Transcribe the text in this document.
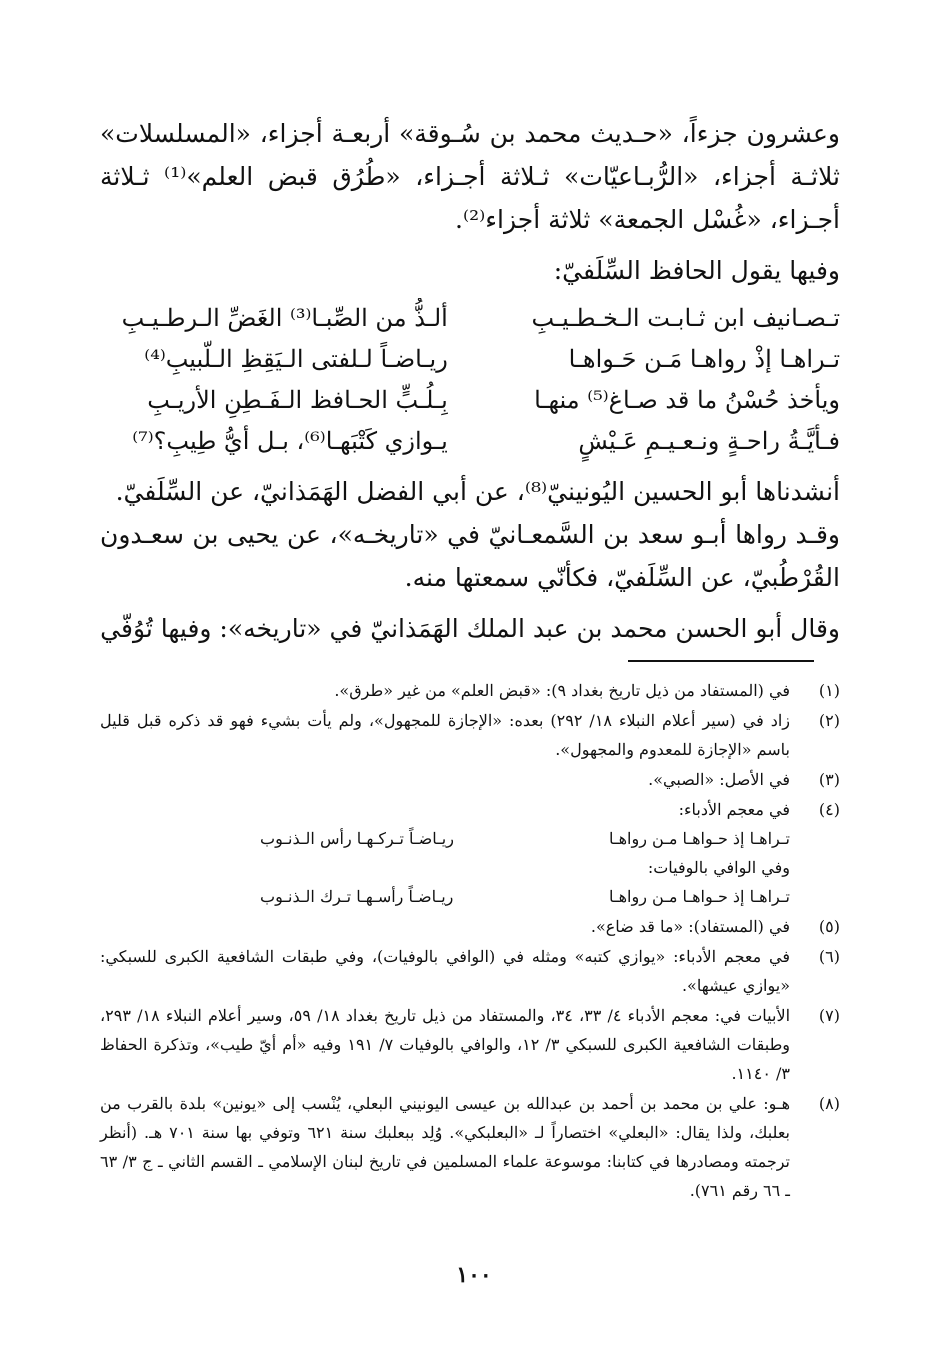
وعشرون جزءاً، «حـديث محمد بن سُـوقة» أربعـة أجزاء، «المسلسلات» ثلاثـة أجزاء، «الرُّبـاعيّات» ثـلاثة أجـزاء، «طُرُق قبض العلم»⁽¹⁾ ثـلاثة أجـزاء، «غُسْل الجمعة» ثلاثة أجزاء⁽²⁾.

وفيها يقول الحافظ السِّلَفيّ:

تـصـانيف ابن ثـابـت الـخـطـيـبِ
ألـذُّ من الصِّبـا⁽³⁾ الغَضِّ الـرطـيـبِ
تـراهـا إذْ رواهـا مَـن حَـواهـا
ريـاضـاً لـلفتى الـيَقِظِ الـلّبيبِ⁽⁴⁾
ويأخذ حُسْنُ ما قد صـاغ⁽⁵⁾ منهـا
بِـلُـبٍّ الحـافظ الـفَـطِنِ الأريـبِ
فـأيَّـةُ راحـةٍ ونـعـيـمِ عَـيْشٍ
يـوازي كَتْبَهـا⁽⁶⁾، بـل أيُّ طِيبِ؟⁽⁷⁾

أنشدناها أبو الحسين اليُونينيّ⁽⁸⁾، عن أبي الفضل الهَمَذانيّ، عن السِّلَفيّ.

وقـد رواها أبـو سعد بن السَّمعـانيّ في «تاريخـه»، عن يحيى بن سعـدون القُرْطُبيّ، عن السِّلَفيّ، فكأنّي سمعتها منه.

وقال أبو الحسن محمد بن عبد الملك الهَمَذانيّ في «تاريخه»: وفيها تُوُفّي

(١)
في (المستفاد من ذيل تاريخ بغداد ٩): «قبض العلم» من غير «طرق».
(٢)
زاد في (سير أعلام النبلاء ١٨/ ٢٩٢) بعده: «الإجازة للمجهول»، ولم يأت بشيء فهو قد ذكره قبل قليل باسم «الإجازة للمعدوم والمجهول».
(٣)
في الأصل: «الصبي».
(٤)
في معجم الأدباء:
تـراهـا إذ حـواهـا مـن رواهـا
ريـاضـاً تـركـهـا رأس الـذنـوب
وفي الوافي بالوفيات:
تـراهـا إذ حـواهـا مـن رواهـا
ريـاضـاً رأسـهـا تـرك الـذنـوب
(٥)
في (المستفاد): «ما قد ضاع».
(٦)
في معجم الأدباء: «يوازي كتبه» ومثله في (الوافي بالوفيات)، وفي طبقات الشافعية الكبرى للسبكي: «يوازي عيشها».
(٧)
الأبيات في: معجم الأدباء ٤/ ٣٣، ٣٤، والمستفاد من ذيل تاريخ بغداد ١٨/ ٥٩، وسير أعلام النبلاء ١٨/ ٢٩٣، وطبقات الشافعية الكبرى للسبكي ٣/ ١٢، والوافي بالوفيات ٧/ ١٩١ وفيه «أم أيّ طيب»، وتذكرة الحفاظ ٣/ ١١٤٠.
(٨)
هـو: علي بن محمد بن أحمد بن عبدالله بن عيسى اليونيني البعلي، يُنْسب إلى «يونين» بلدة بالقرب من بعلبك، ولذا يقال: «البعلي» اختصاراً لـ «البعلبكي». وُلِد ببعلبك سنة ٦٢١ وتوفي بها سنة ٧٠١ هـ. (أنظر ترجمته ومصادرها في كتابنا: موسوعة علماء المسلمين في تاريخ لبنان الإسلامي ـ القسم الثاني ـ ج ٣/ ٦٣ ـ ٦٦ رقم ٧٦١).
١٠٠
